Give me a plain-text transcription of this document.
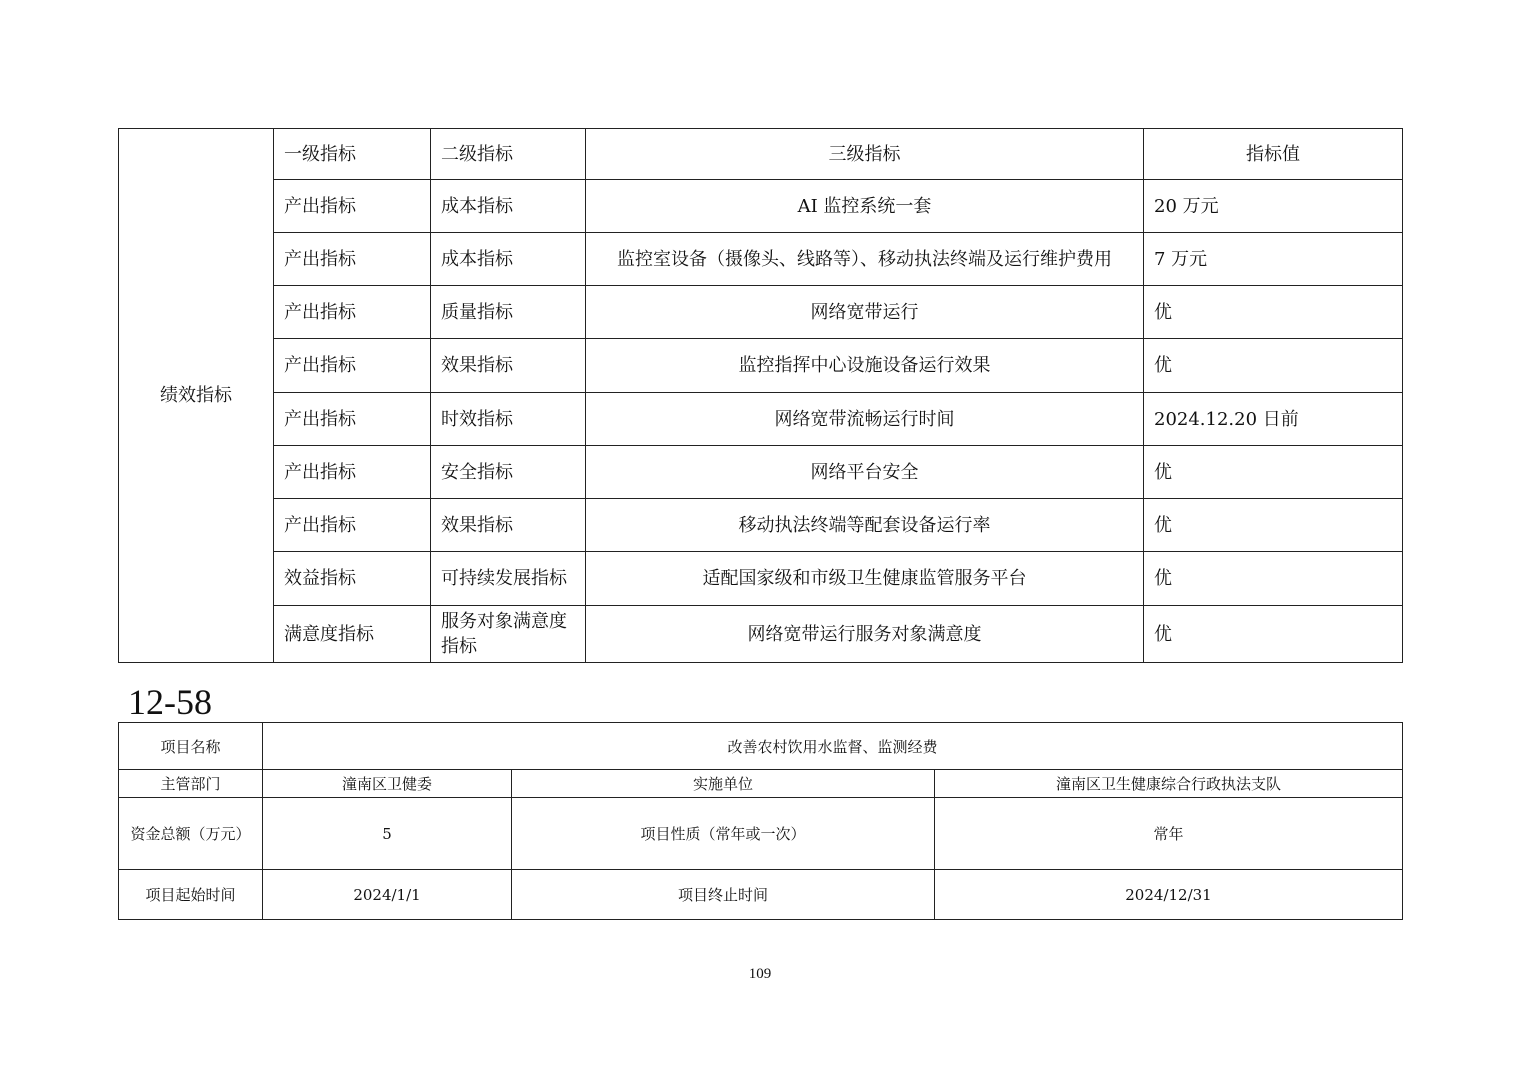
绩效指标	一级指标	二级指标	三级指标	指标值
	产出指标	成本指标	AI 监控系统一套	20 万元
	产出指标	成本指标	监控室设备（摄像头、线路等）、移动执法终端及运行维护费用	7 万元
	产出指标	质量指标	网络宽带运行	优
	产出指标	效果指标	监控指挥中心设施设备运行效果	优
	产出指标	时效指标	网络宽带流畅运行时间	2024.12.20 日前
	产出指标	安全指标	网络平台安全	优
	产出指标	效果指标	移动执法终端等配套设备运行率	优
	效益指标	可持续发展指标	适配国家级和市级卫生健康监管服务平台	优
	满意度指标	服务对象满意度指标	网络宽带运行服务对象满意度	优
12-58
项目名称	改善农村饮用水监督、监测经费		
主管部门	潼南区卫健委	实施单位	潼南区卫生健康综合行政执法支队
资金总额（万元）	5	项目性质（常年或一次）	常年
项目起始时间	2024/1/1	项目终止时间	2024/12/31
109
